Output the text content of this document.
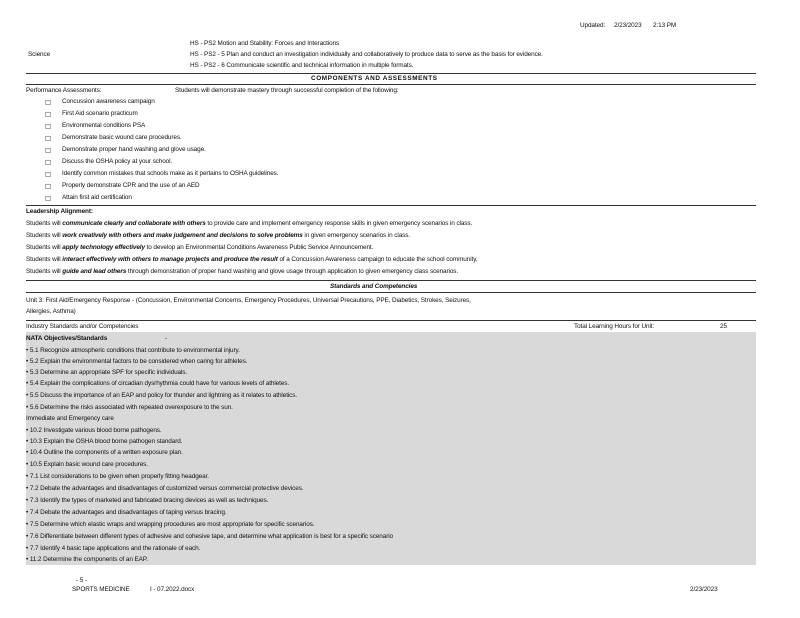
Updated: 2/23/2023 2:13 PM
Science
HS - PS2 Motion and Stability: Forces and Interactions
HS - PS2 - 5 Plan and conduct an investigation individually and collaboratively to produce data to serve as the basis for evidence.
HS - PS2 - 6 Communicate scientific and technical information in multiple formats.
COMPONENTS AND ASSESSMENTS
Performance Assessments:	Students will demonstrate mastery through successful completion of the following:
□ Concussion awareness campaign
□ First Aid scenario practicum
□ Environmental conditions PSA
□ Demonstrate basic wound care procedures.
□ Demonstrate proper hand washing and glove usage.
□ Discuss the OSHA policy at your school.
□ Identify common mistakes that schools make as it pertains to OSHA guidelines.
□ Properly demonstrate CPR and the use of an AED
□ Attain first aid certification
Leadership Alignment:
Students will communicate clearly and collaborate with others to provide care and implement emergency response skills in given emergency scenarios in class.
Students will work creatively with others and make judgement and decisions to solve problems in given emergency scenarios in class.
Students will apply technology effectively to develop an Environmental Conditions Awareness Public Service Announcement.
Students will interact effectively with others to manage projects and produce the result of a Concussion Awareness campaign to educate the school community.
Students will guide and lead others through demonstration of proper hand washing and glove usage through application to given emergency class scenarios.
Standards and Competencies
Unit 3: First Aid/Emergency Response - (Concussion, Environmental Concerns, Emergency Procedures, Universal Precautions, PPE, Diabetics, Strokes, Seizures,
Allergies, Asthma)
Industry Standards and/or Competencies	Total Learning Hours for Unit:	25
NATA Objectives/Standards	-
• 5.1 Recognize atmospheric conditions that contribute to environmental injury.
• 5.2 Explain the environmental factors to be considered when caring for athletes.
• 5.3 Determine an appropriate SPF for specific individuals.
• 5.4 Explain the complications of circadian dysrhythmia could have for various levels of athletes.
• 5.5 Discuss the importance of an EAP and policy for thunder and lightning as it relates to athletics.
• 5.6 Determine the risks associated with repeated overexposure to the sun.
Immediate and Emergency care
• 10.2 Investigate various blood borne pathogens.
• 10.3 Explain the OSHA blood borne pathogen standard.
• 10.4 Outline the components of a written exposure plan.
• 10.5 Explain basic wound care procedures.
• 7.1 List considerations to be given when properly fitting headgear.
• 7.2 Debate the advantages and disadvantages of customized versus commercial protective devices.
• 7.3 Identify the types of marketed and fabricated bracing devices as well as techniques.
• 7.4 Debate the advantages and disadvantages of taping versus bracing.
• 7.5 Determine which elastic wraps and wrapping procedures are most appropriate for specific scenarios.
• 7.6 Differentiate between different types of adhesive and cohesive tape, and determine what application is best for a specific scenario
• 7.7 Identify 4 basic tape applications and the rationale of each.
• 11.2 Determine the components of an EAP.
- 5 -
SPORTS MEDICINE	I - 07.2022.docx	2/23/2023
